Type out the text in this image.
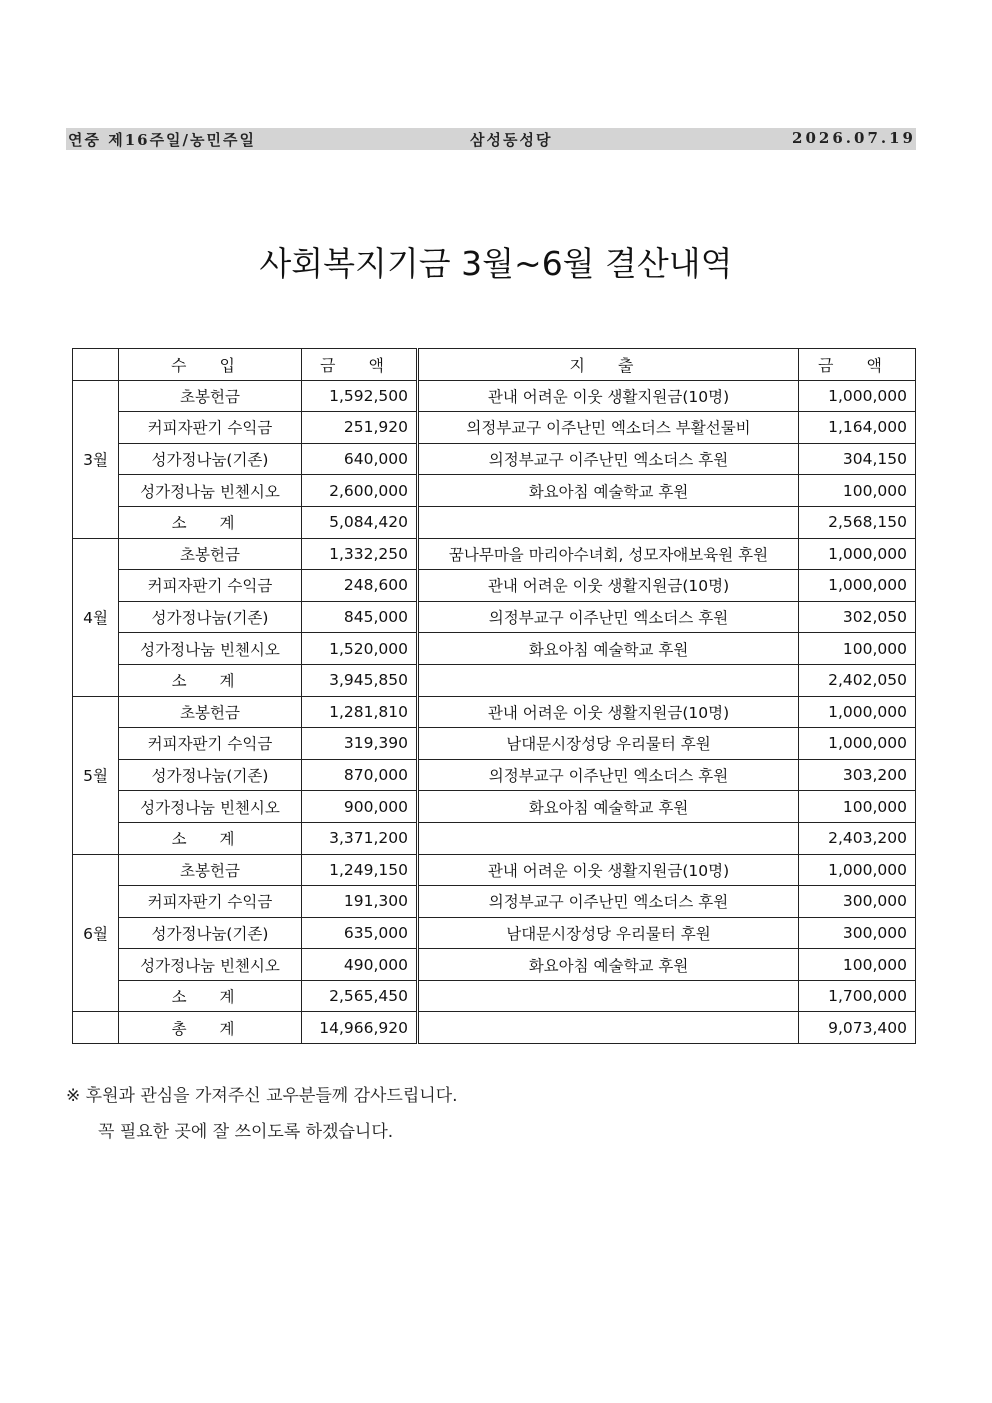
연중 제16주일/농민주일	삼성동성당	2026.07.19
사회복지기금 3월~6월 결산내역
	수 입	금 액	지 출	금 액
3월	초봉헌금	1,592,500	관내 어려운 이웃 생활지원금(10명)	1,000,000
	커피자판기 수익금	251,920	의정부교구 이주난민 엑소더스 부활선물비	1,164,000
	성가정나눔(기존)	640,000	의정부교구 이주난민 엑소더스 후원	304,150
	성가정나눔 빈첸시오	2,600,000	화요아침 예술학교 후원	100,000
	소 계	5,084,420		2,568,150
4월	초봉헌금	1,332,250	꿈나무마을 마리아수녀회, 성모자애보육원 후원	1,000,000
	커피자판기 수익금	248,600	관내 어려운 이웃 생활지원금(10명)	1,000,000
	성가정나눔(기존)	845,000	의정부교구 이주난민 엑소더스 후원	302,050
	성가정나눔 빈첸시오	1,520,000	화요아침 예술학교 후원	100,000
	소 계	3,945,850		2,402,050
5월	초봉헌금	1,281,810	관내 어려운 이웃 생활지원금(10명)	1,000,000
	커피자판기 수익금	319,390	남대문시장성당 우리물터 후원	1,000,000
	성가정나눔(기존)	870,000	의정부교구 이주난민 엑소더스 후원	303,200
	성가정나눔 빈첸시오	900,000	화요아침 예술학교 후원	100,000
	소 계	3,371,200		2,403,200
6월	초봉헌금	1,249,150	관내 어려운 이웃 생활지원금(10명)	1,000,000
	커피자판기 수익금	191,300	의정부교구 이주난민 엑소더스 후원	300,000
	성가정나눔(기존)	635,000	남대문시장성당 우리물터 후원	300,000
	성가정나눔 빈첸시오	490,000	화요아침 예술학교 후원	100,000
	소 계	2,565,450		1,700,000
	총 계	14,966,920		9,073,400
※ 후원과 관심을 가져주신 교우분들께 감사드립니다.
꼭 필요한 곳에 잘 쓰이도록 하겠습니다.
